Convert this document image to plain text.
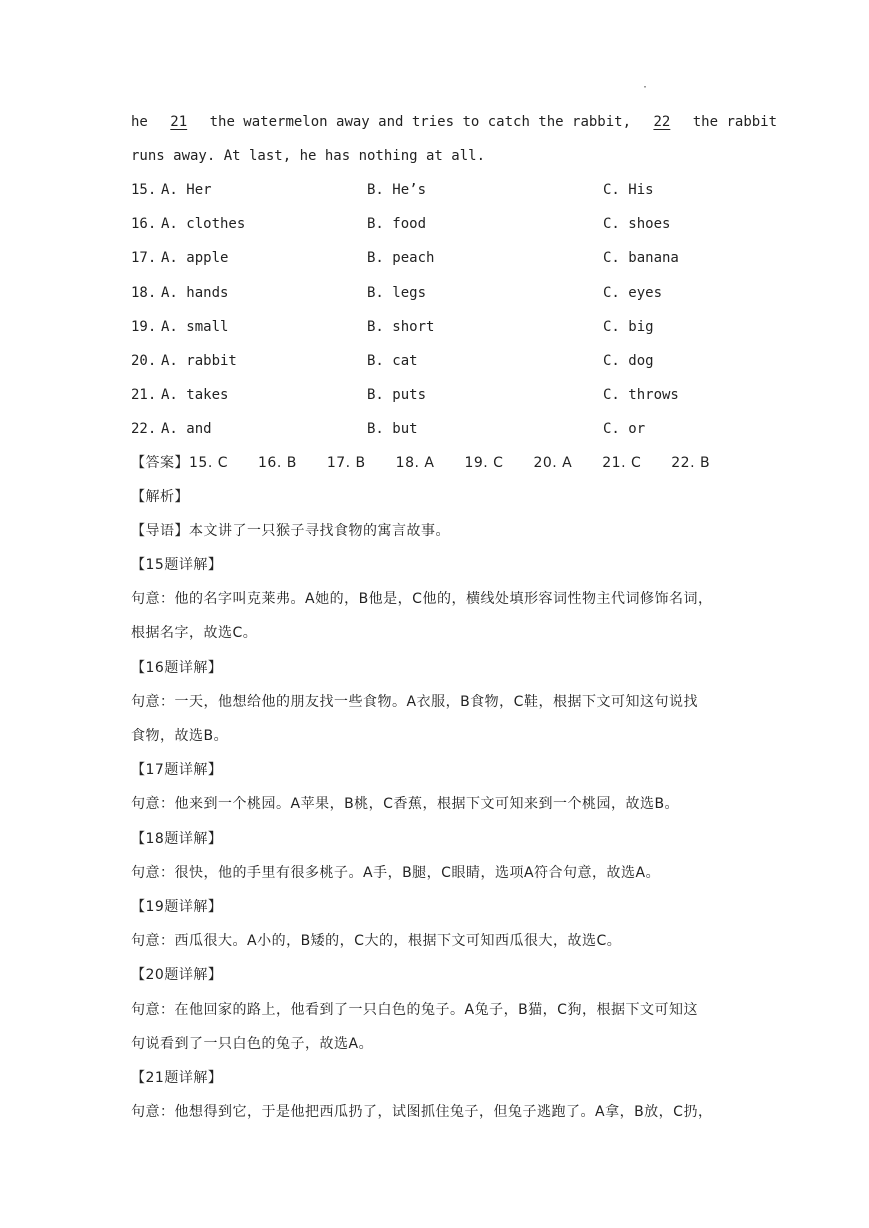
·
he 21 the watermelon away and tries to catch the rabbit, 22 the rabbit
runs away. At last, he has nothing at all.
15. A. Her	B. He’s	C. His
16. A. clothes	B. food	C. shoes
17. A. apple	B. peach	C. banana
18. A. hands	B. legs	C. eyes
19. A. small	B. short	C. big
20. A. rabbit	B. cat	C. dog
21. A. takes	B. puts	C. throws
22. A. and	B. but	C. or
【答案】15. C 16. B 17. B 18. A 19. C 20. A 21. C 22. B
【解析】
【导语】本文讲了一只猴子寻找食物的寓言故事。
【15题详解】
句意：他的名字叫克莱弗。A她的，B他是，C他的，横线处填形容词性物主代词修饰名词，
根据名字，故选C。
【16题详解】
句意：一天，他想给他的朋友找一些食物。A衣服，B食物，C鞋，根据下文可知这句说找
食物，故选B。
【17题详解】
句意：他来到一个桃园。A苹果，B桃，C香蕉，根据下文可知来到一个桃园，故选B。
【18题详解】
句意：很快，他的手里有很多桃子。A手，B腿，C眼睛，选项A符合句意，故选A。
【19题详解】
句意：西瓜很大。A小的，B矮的，C大的，根据下文可知西瓜很大，故选C。
【20题详解】
句意：在他回家的路上，他看到了一只白色的兔子。A兔子，B猫，C狗，根据下文可知这
句说看到了一只白色的兔子，故选A。
【21题详解】
句意：他想得到它，于是他把西瓜扔了，试图抓住兔子，但兔子逃跑了。A拿，B放，C扔，
